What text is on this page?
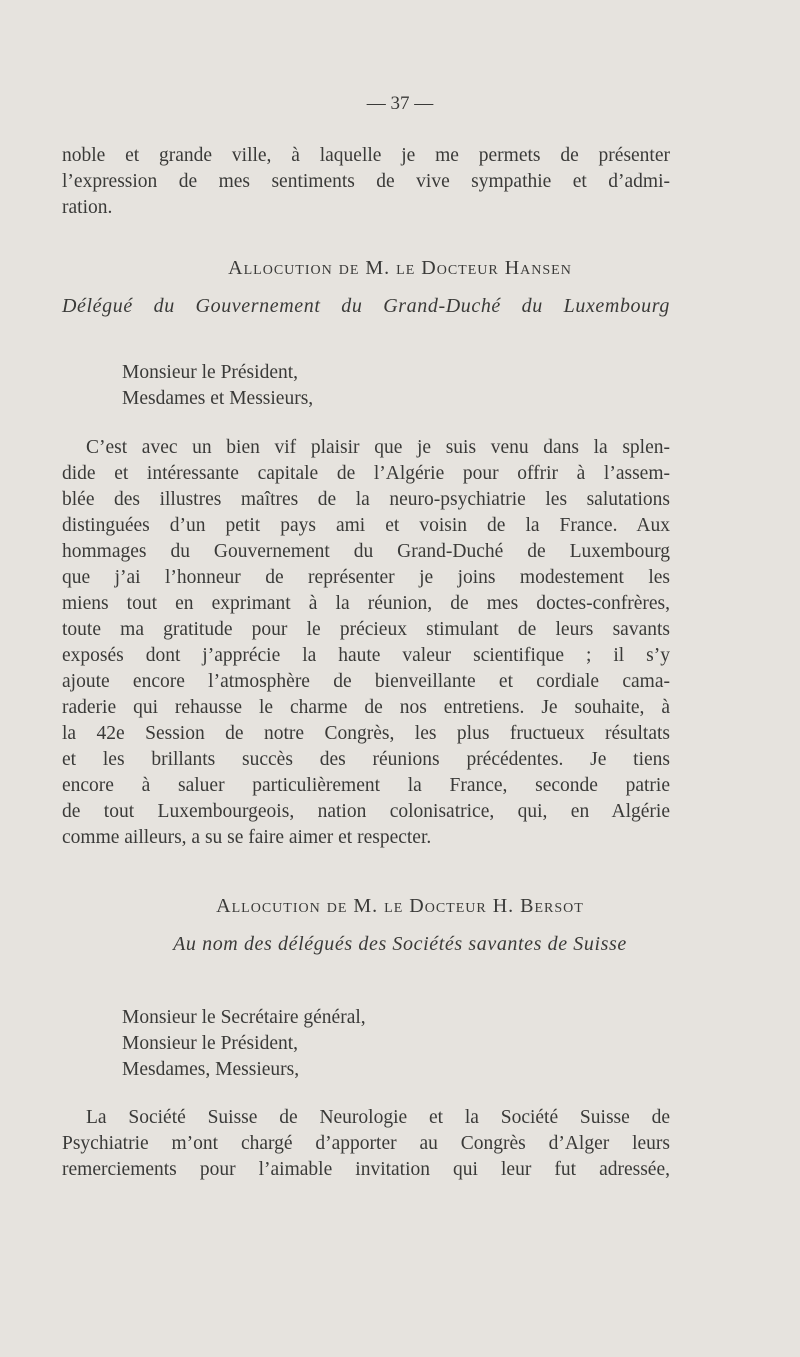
— 37 —
noble et grande ville, à laquelle je me permets de présenter
l’expression de mes sentiments de vive sympathie et d’admi-
ration.
Allocution de M. le Docteur Hansen
Délégué du Gouvernement du Grand-Duché du Luxembourg
Monsieur le Président,
Mesdames et Messieurs,
C’est avec un bien vif plaisir que je suis venu dans la splen-
dide et intéressante capitale de l’Algérie pour offrir à l’assem-
blée des illustres maîtres de la neuro-psychiatrie les salutations
distinguées d’un petit pays ami et voisin de la France. Aux
hommages du Gouvernement du Grand-Duché de Luxembourg
que j’ai l’honneur de représenter je joins modestement les
miens tout en exprimant à la réunion, de mes doctes-confrères,
toute ma gratitude pour le précieux stimulant de leurs savants
exposés dont j’apprécie la haute valeur scientifique ; il s’y
ajoute encore l’atmosphère de bienveillante et cordiale cama-
raderie qui rehausse le charme de nos entretiens. Je souhaite, à
la 42e Session de notre Congrès, les plus fructueux résultats
et les brillants succès des réunions précédentes. Je tiens
encore à saluer particulièrement la France, seconde patrie
de tout Luxembourgeois, nation colonisatrice, qui, en Algérie
comme ailleurs, a su se faire aimer et respecter.
Allocution de M. le Docteur H. Bersot
Au nom des délégués des Sociétés savantes de Suisse
Monsieur le Secrétaire général,
Monsieur le Président,
Mesdames, Messieurs,
La Société Suisse de Neurologie et la Société Suisse de
Psychiatrie m’ont chargé d’apporter au Congrès d’Alger leurs
remerciements pour l’aimable invitation qui leur fut adressée,
